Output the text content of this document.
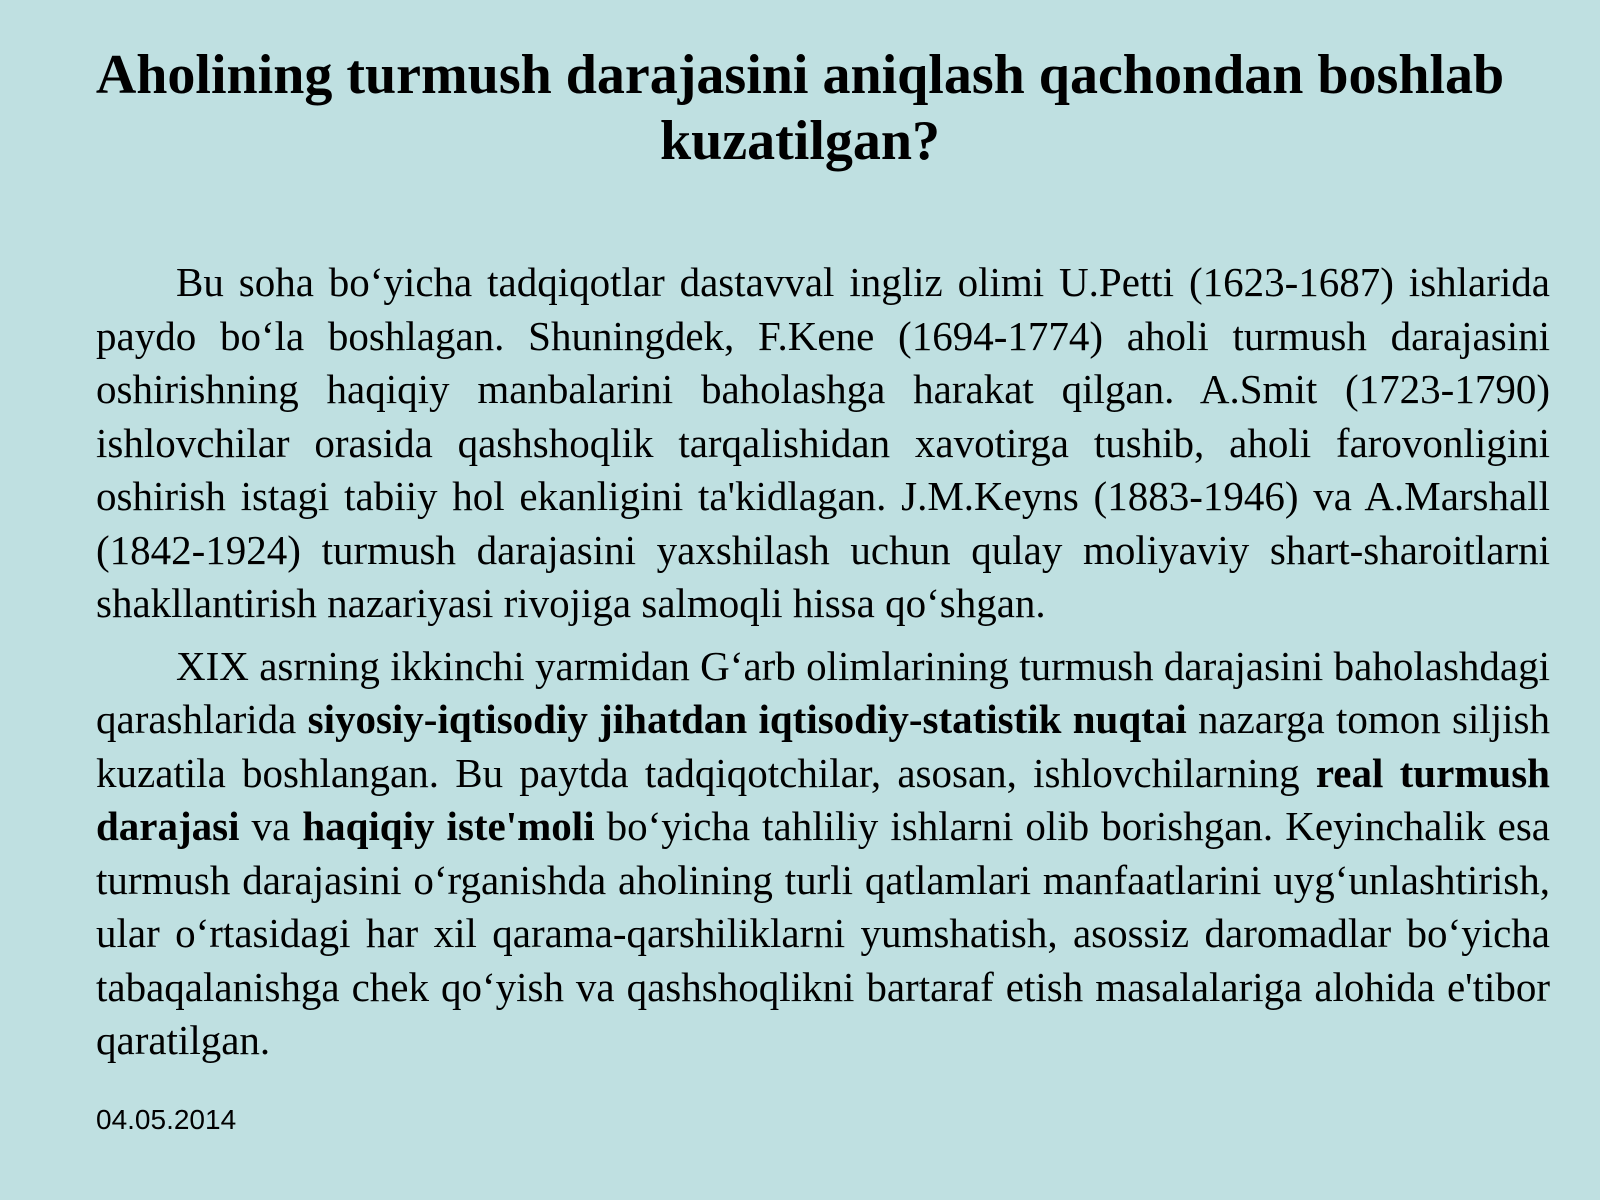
Aholining turmush darajasini aniqlash qachondan boshlab kuzatilgan?

Bu soha bo‘yicha tadqiqotlar dastavval ingliz olimi U.Petti (1623-1687) ishlarida paydo bo‘la boshlagan. Shuningdek, F.Kene (1694-1774) aholi turmush darajasini oshirishning haqiqiy manbalarini baholashga harakat qilgan. A.Smit (1723-1790) ishlovchilar orasida qashshoqlik tarqalishidan xavotirga tushib, aholi farovonligini oshirish istagi tabiiy hol ekanligini ta'kidlagan. J.M.Keyns (1883-1946) va A.Marshall (1842-1924) turmush darajasini yaxshilash uchun qulay moliyaviy shart-sharoitlarni shakllantirish nazariyasi rivojiga salmoqli hissa qo‘shgan.

XIX asrning ikkinchi yarmidan G‘arb olimlarining turmush darajasini baholashdagi qarashlarida siyosiy-iqtisodiy jihatdan iqtisodiy-statistik nuqtai nazarga tomon siljish kuzatila boshlangan. Bu paytda tadqiqotchilar, asosan, ishlovchilarning real turmush darajasi va haqiqiy iste'moli bo‘yicha tahliliy ishlarni olib borishgan. Keyinchalik esa turmush darajasini o‘rganishda aholining turli qatlamlari manfaatlarini uyg‘unlashtirish, ular o‘rtasidagi har xil qarama-qarshiliklarni yumshatish, asossiz daromadlar bo‘yicha tabaqalanishga chek qo‘yish va qashshoqlikni bartaraf etish masalalariga alohida e'tibor qaratilgan.

04.05.2014
